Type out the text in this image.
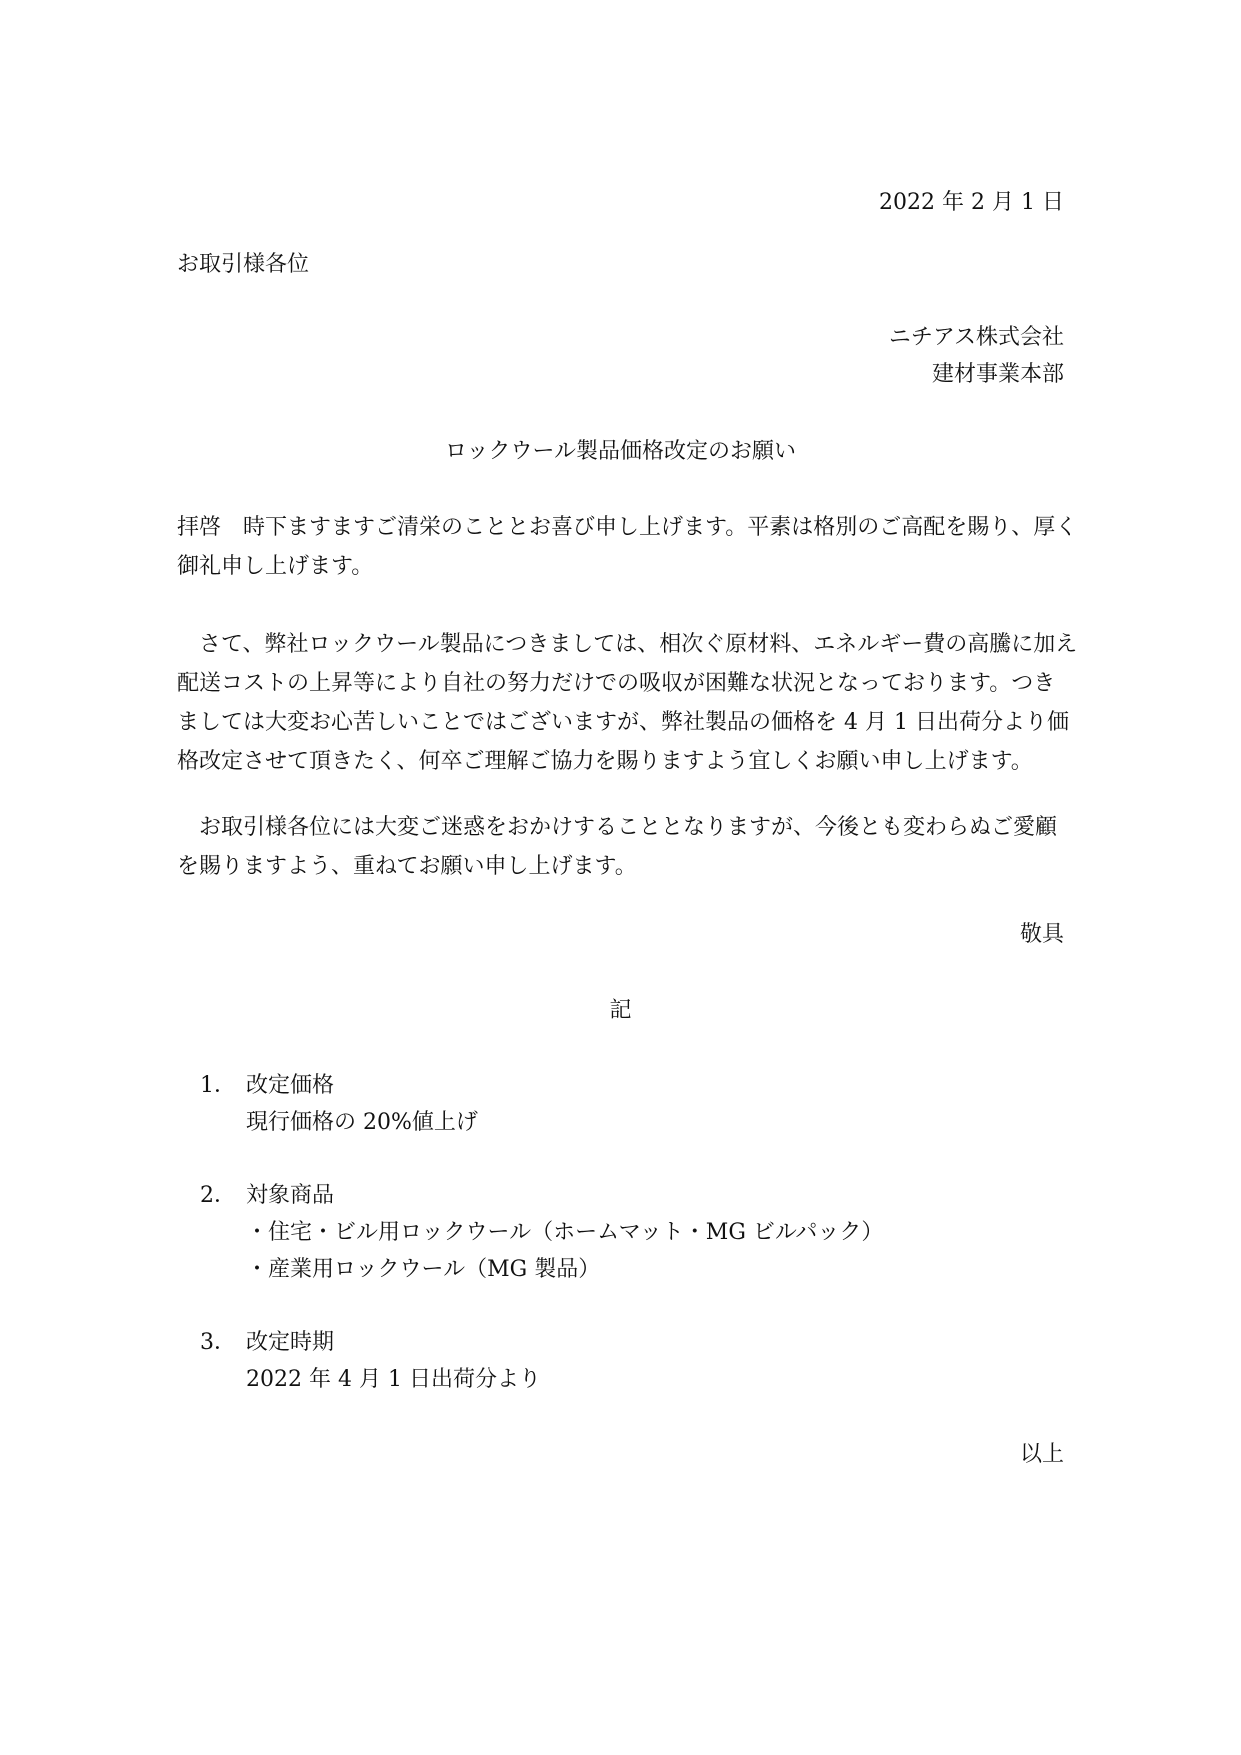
2022 年 2 月 1 日
お取引様各位
ニチアス株式会社
建材事業本部
ロックウール製品価格改定のお願い
拝啓　時下ますますご清栄のこととお喜び申し上げます。平素は格別のご高配を賜り、厚く
御礼申し上げます。
　さて、弊社ロックウール製品につきましては、相次ぐ原材料、エネルギー費の高騰に加え
配送コストの上昇等により自社の努力だけでの吸収が困難な状況となっております。つき
ましては大変お心苦しいことではございますが、弊社製品の価格を 4 月 1 日出荷分より価
格改定させて頂きたく、何卒ご理解ご協力を賜りますよう宜しくお願い申し上げます。
　お取引様各位には大変ご迷惑をおかけすることとなりますが、今後とも変わらぬご愛顧
を賜りますよう、重ねてお願い申し上げます。
敬具
記
1． 改定価格
現行価格の 20%値上げ
2． 対象商品
・住宅・ビル用ロックウール（ホームマット・MG ビルパック）
・産業用ロックウール（MG 製品）
3． 改定時期
2022 年 4 月 1 日出荷分より
以上
